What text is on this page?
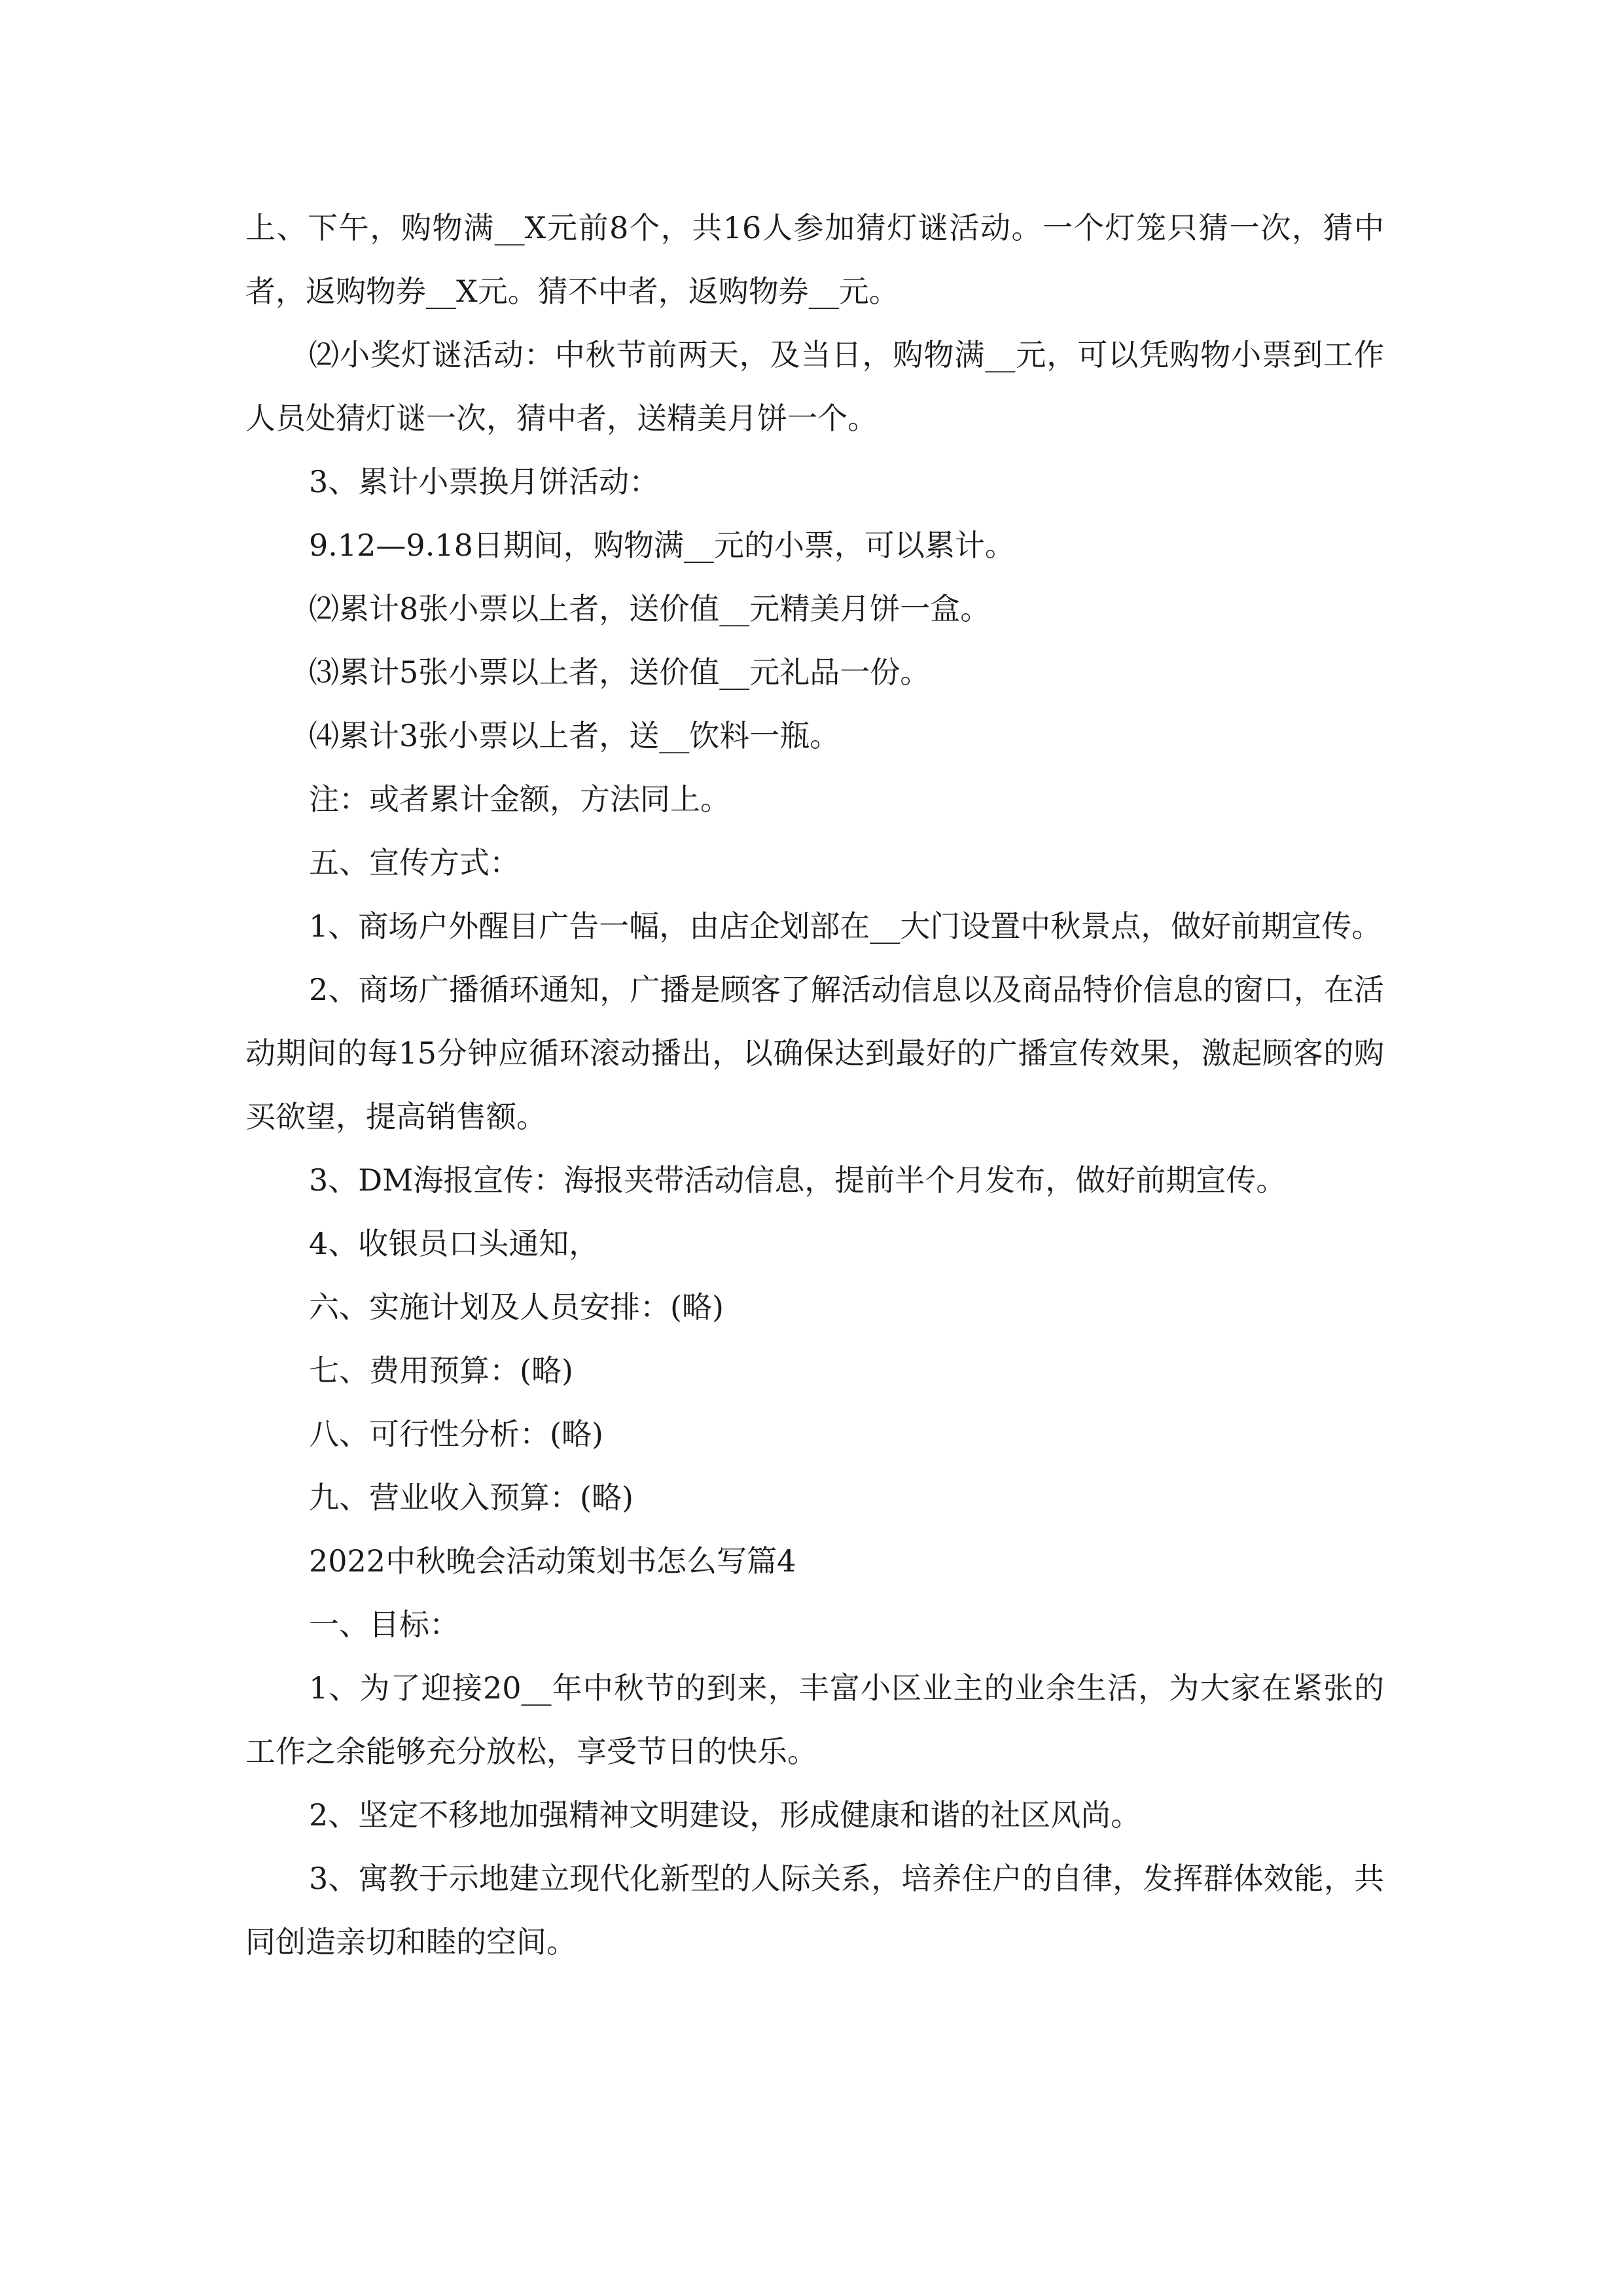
上、下午，购物满__X元前8个，共16人参加猜灯谜活动。一个灯笼只猜一次，猜中者，返购物券__X元。猜不中者，返购物券__元。

⑵小奖灯谜活动：中秋节前两天，及当日，购物满__元，可以凭购物小票到工作人员处猜灯谜一次，猜中者，送精美月饼一个。

3、累计小票换月饼活动：

9.12—9.18日期间，购物满__元的小票，可以累计。

⑵累计8张小票以上者，送价值__元精美月饼一盒。

⑶累计5张小票以上者，送价值__元礼品一份。

⑷累计3张小票以上者，送__饮料一瓶。

注：或者累计金额，方法同上。

五、宣传方式：

1、商场户外醒目广告一幅，由店企划部在__大门设置中秋景点，做好前期宣传。

2、商场广播循环通知，广播是顾客了解活动信息以及商品特价信息的窗口，在活动期间的每15分钟应循环滚动播出，以确保达到最好的广播宣传效果，激起顾客的购买欲望，提高销售额。

3、DM海报宣传：海报夹带活动信息，提前半个月发布，做好前期宣传。

4、收银员口头通知，

六、实施计划及人员安排：(略)

七、费用预算：(略)

八、可行性分析：(略)

九、营业收入预算：(略)

2022中秋晚会活动策划书怎么写篇4

一、目标：

1、为了迎接20__年中秋节的到来，丰富小区业主的业余生活，为大家在紧张的工作之余能够充分放松，享受节日的快乐。

2、坚定不移地加强精神文明建设，形成健康和谐的社区风尚。

3、寓教于示地建立现代化新型的人际关系，培养住户的自律，发挥群体效能，共同创造亲切和睦的空间。
